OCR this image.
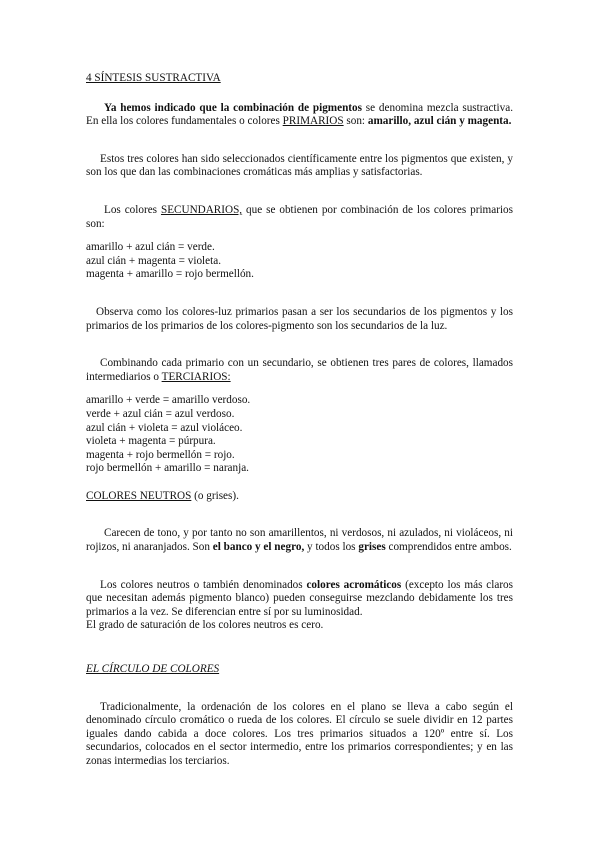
4 SÍNTESIS SUSTRACTIVA

Ya hemos indicado que la combinación de pigmentos se denomina mezcla sustractiva. En ella los colores fundamentales o colores PRIMARIOS son: amarillo, azul cián y magenta.

Estos tres colores han sido seleccionados científicamente entre los pigmentos que existen, y son los que dan las combinaciones cromáticas más amplias y satisfactorias.

Los colores SECUNDARIOS, que se obtienen por combinación de los colores primarios son:

amarillo + azul cián = verde.
azul cián + magenta = violeta.
magenta + amarillo = rojo bermellón.

Observa como los colores-luz primarios pasan a ser los secundarios de los pigmentos y los primarios de los primarios de los colores-pigmento son los secundarios de la luz.

Combinando cada primario con un secundario, se obtienen tres pares de colores, llamados intermediarios o TERCIARIOS:

amarillo + verde = amarillo verdoso.
verde + azul cián = azul verdoso.
azul cián + violeta = azul violáceo.
violeta + magenta = púrpura.
magenta + rojo bermellón = rojo.
rojo bermellón + amarillo = naranja.

COLORES NEUTROS (o grises).

Carecen de tono, y por tanto no son amarillentos, ni verdosos, ni azulados, ni violáceos, ni rojizos, ni anaranjados. Son el banco y el negro, y todos los grises comprendidos entre ambos.

Los colores neutros o también denominados colores acromáticos (excepto los más claros que necesitan además pigmento blanco) pueden conseguirse mezclando debidamente los tres primarios a la vez. Se diferencian entre sí por su luminosidad.

El grado de saturación de los colores neutros es cero.

EL CÍRCULO DE COLORES

Tradicionalmente, la ordenación de los colores en el plano se lleva a cabo según el denominado círculo cromático o rueda de los colores. El círculo se suele dividir en 12 partes iguales dando cabida a doce colores. Los tres primarios situados a 120º entre sí. Los secundarios, colocados en el sector intermedio, entre los primarios correspondientes; y en las zonas intermedias los terciarios.
